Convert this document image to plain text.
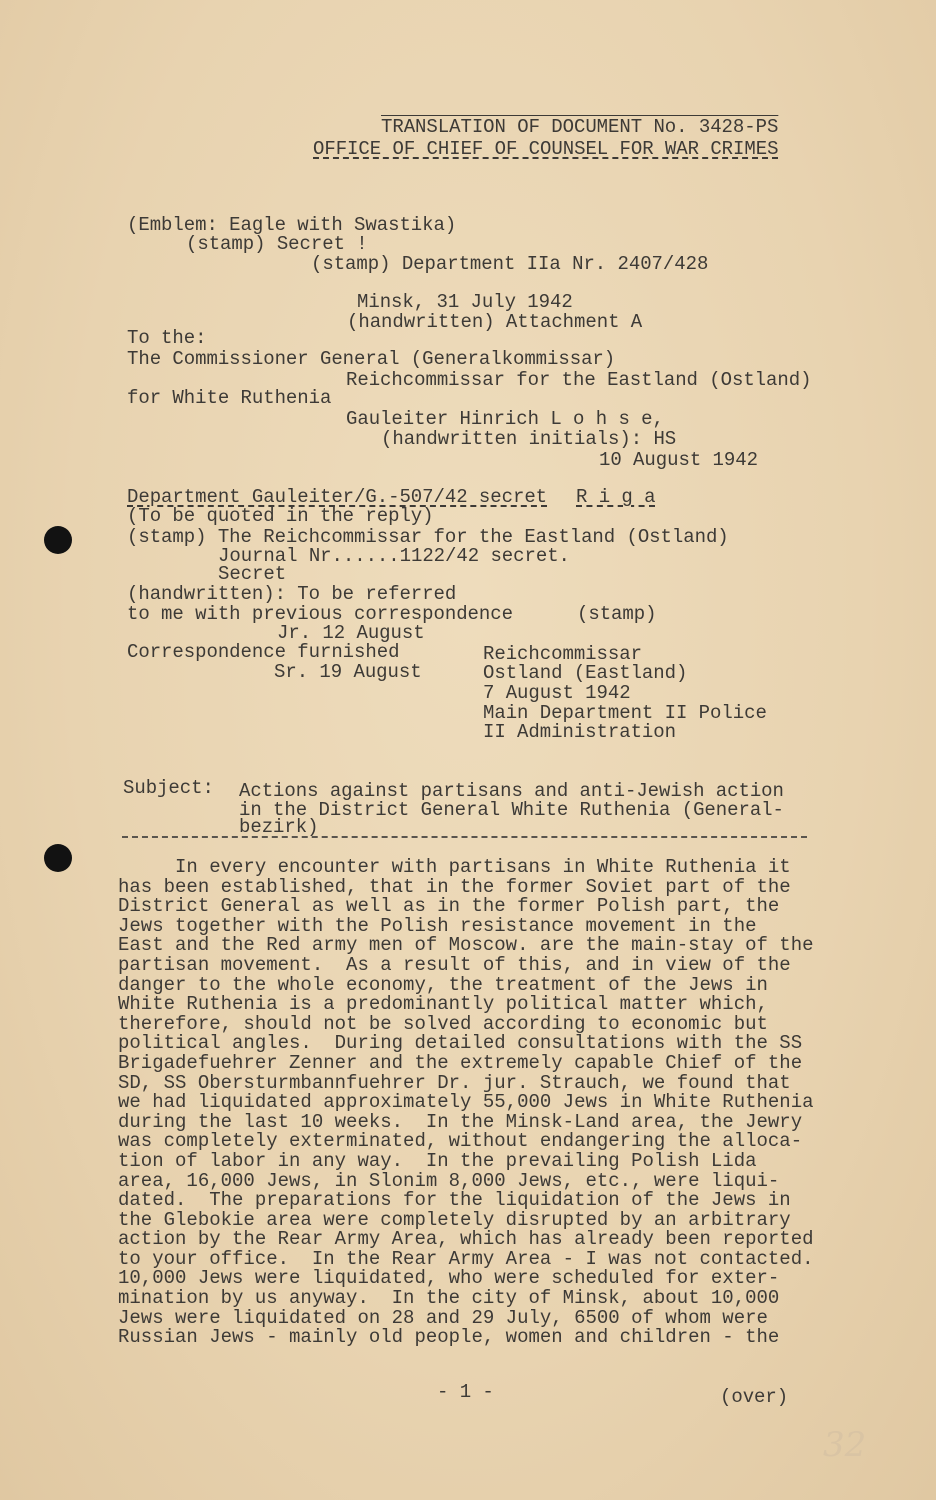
TRANSLATION OF DOCUMENT No. 3428-PS
OFFICE OF CHIEF OF COUNSEL FOR WAR CRIMES
(Emblem: Eagle with Swastika)
(stamp) Secret !
(stamp) Department IIa Nr. 2407/428
Minsk, 31 July 1942
(handwritten) Attachment A
To the:
The Commissioner General (Generalkommissar)
Reichcommissar for the Eastland (Ostland)
for White Ruthenia
Gauleiter Hinrich L o h s e,
(handwritten initials): HS
10 August 1942
Department Gauleiter/G.-507/42 secret R i g a
(To be quoted in the reply)
(stamp) The Reichcommissar for the Eastland (Ostland)
Journal Nr......1122/42 secret.
Secret
(handwritten): To be referred
to me with previous correspondence	(stamp)
Jr. 12 August
Correspondence furnished
Sr. 19 August
Reichcommissar
Ostland (Eastland)
7 August 1942
Main Department II Police
II Administration
Subject: Actions against partisans and anti-Jewish action
in the District General White Ruthenia (General-
bezirk)
In every encounter with partisans in White Ruthenia it
has been established, that in the former Soviet part of the
District General as well as in the former Polish part, the
Jews together with the Polish resistance movement in the
East and the Red army men of Moscow. are the main-stay of the
partisan movement.  As a result of this, and in view of the
danger to the whole economy, the treatment of the Jews in
White Ruthenia is a predominantly political matter which,
therefore, should not be solved according to economic but
political angles.  During detailed consultations with the SS
Brigadefuehrer Zenner and the extremely capable Chief of the
SD, SS Obersturmbannfuehrer Dr. jur. Strauch, we found that
we had liquidated approximately 55,000 Jews in White Ruthenia
during the last 10 weeks.  In the Minsk-Land area, the Jewry
was completely exterminated, without endangering the alloca-
tion of labor in any way.  In the prevailing Polish Lida
area, 16,000 Jews, in Slonim 8,000 Jews, etc., were liqui-
dated.  The preparations for the liquidation of the Jews in
the Glebokie area were completely disrupted by an arbitrary
action by the Rear Army Area, which has already been reported
to your office.  In the Rear Army Area - I was not contacted.
10,000 Jews were liquidated, who were scheduled for exter-
mination by us anyway.  In the city of Minsk, about 10,000
Jews were liquidated on 28 and 29 July, 6500 of whom were
Russian Jews - mainly old people, women and children - the
- 1 -	(over)
32
